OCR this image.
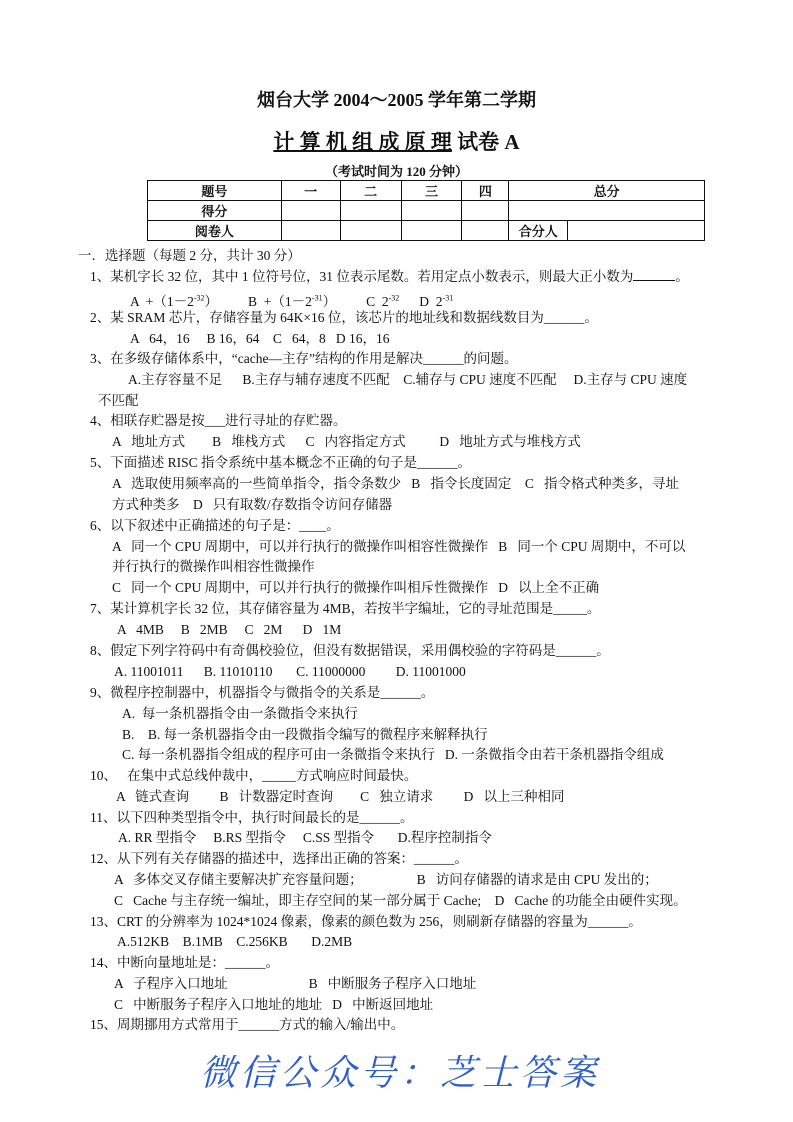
烟台大学 2004～2005 学年第二学期
计 算 机 组 成 原 理 试卷 A
（考试时间为 120 分钟）
题号	一	二	三	四	总分	
得分						
阅卷人					合分人	
一．选择题（每题 2 分，共计 30 分）
1、某机字长 32 位，其中 1 位符号位，31 位表示尾数。若用定点小数表示，则最大正小数为	。
$A +(1-2^{-32})$ $B +(1-2^{-31})$ C  $2^{-32}$ D  $2^{-31}$
2、某 SRAM 芯片，存储容量为 64K×16 位，该芯片的地址线和数据线数目为______。
A   64，16     B 16，64    C   64，8   D 16，16
3、在多级存储体系中，“cache—主存”结构的作用是解决______的问题。
A.主存容量不足      B.主存与辅存速度不匹配    C.辅存与 CPU 速度不匹配     D.主存与 CPU 速度
不匹配
4、相联存贮器是按___进行寻址的存贮器。
A   地址方式        B   堆栈方式      C   内容指定方式          D   地址方式与堆栈方式
5、下面描述 RISC 指令系统中基本概念不正确的句子是______。
A   选取使用频率高的一些简单指令，指令条数少   B   指令长度固定    C   指令格式种类多，寻址
方式种类多    D   只有取数/存数指令访问存储器
6、以下叙述中正确描述的句子是：____。
A   同一个 CPU 周期中，可以并行执行的微操作叫相容性微操作   B   同一个 CPU 周期中，不可以
并行执行的微操作叫相容性微操作
C   同一个 CPU 周期中，可以并行执行的微操作叫相斥性微操作   D   以上全不正确
7、某计算机字长 32 位，其存储容量为 4MB，若按半字编址，它的寻址范围是_____。
A   4MB     B   2MB     C   2M      D   1M
8、假定下列字符码中有奇偶校验位，但没有数据错误，采用偶校验的字符码是______。
A. 11001011      B. 11010110       C. 11000000         D. 11001000
9、微程序控制器中，机器指令与微指令的关系是______。
A.  每一条机器指令由一条微指令来执行
B.    B. 每一条机器指令由一段微指令编写的微程序来解释执行
C. 每一条机器指令组成的程序可由一条微指令来执行   D. 一条微指令由若干条机器指令组成
10、   在集中式总线仲裁中，_____方式响应时间最快。
A   链式查询         B   计数器定时查询        C   独立请求         D   以上三种相同
11、以下四种类型指令中，执行时间最长的是______。
A. RR 型指令     B.RS 型指令     C.SS 型指令       D.程序控制指令
12、从下列有关存储器的描述中，选择出正确的答案：______。
A   多体交叉存储主要解决扩充容量问题；                B   访问存储器的请求是由 CPU 发出的；
C   Cache 与主存统一编址，即主存空间的某一部分属于 Cache;    D   Cache 的功能全由硬件实现。
13、CRT 的分辨率为 1024*1024 像素，像素的颜色数为 256，则刷新存储器的容量为______。
A.512KB    B.1MB    C.256KB       D.2MB
14、中断向量地址是：______。
A   子程序入口地址                        B   中断服务子程序入口地址
C   中断服务子程序入口地址的地址   D   中断返回地址
15、周期挪用方式常用于______方式的输入/输出中。
微信公众号：芝士答案
